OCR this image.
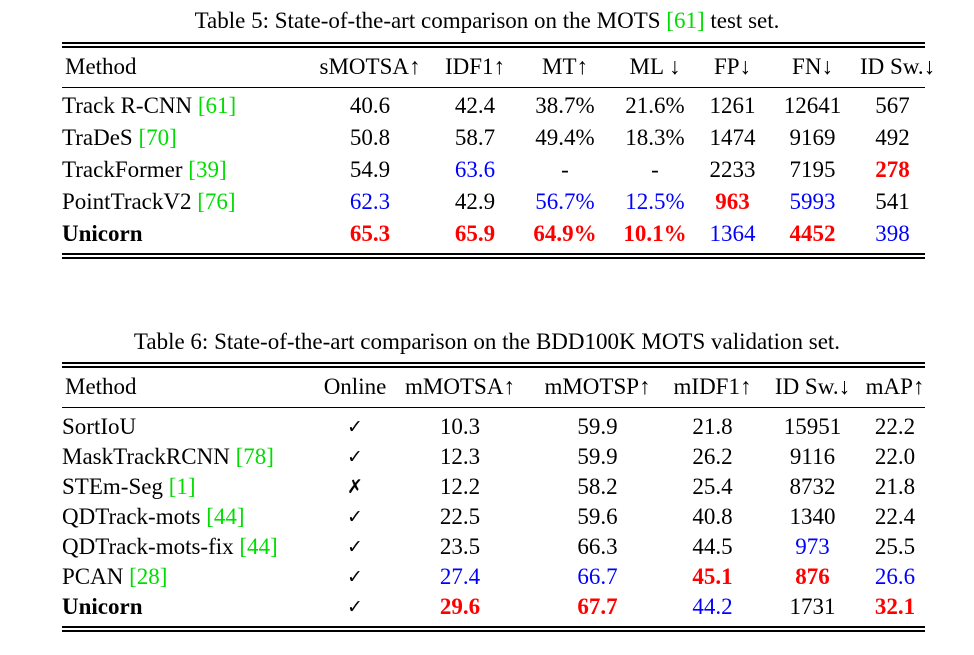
Table 5: State-of-the-art comparison on the MOTS [61] test set.
Method	sMOTSA↑	IDF1↑	MT↑	ML ↓	FP↓	FN↓	ID Sw.↓
Track R-CNN [61]	40.6	42.4	38.7%	21.6%	1261	12641	567
TraDeS [70]	50.8	58.7	49.4%	18.3%	1474	9169	492
TrackFormer [39]	54.9	63.6	-	-	2233	7195	278
PointTrackV2 [76]	62.3	42.9	56.7%	12.5%	963	5993	541
Unicorn	65.3	65.9	64.9%	10.1%	1364	4452	398
Table 6: State-of-the-art comparison on the BDD100K MOTS validation set.
Method	Online	mMOTSA↑	mMOTSP↑	mIDF1↑	ID Sw.↓	mAP↑
SortIoU	✓	10.3	59.9	21.8	15951	22.2
MaskTrackRCNN [78]	✓	12.3	59.9	26.2	9116	22.0
STEm-Seg [1]	✗	12.2	58.2	25.4	8732	21.8
QDTrack-mots [44]	✓	22.5	59.6	40.8	1340	22.4
QDTrack-mots-fix [44]	✓	23.5	66.3	44.5	973	25.5
PCAN [28]	✓	27.4	66.7	45.1	876	26.6
Unicorn	✓	29.6	67.7	44.2	1731	32.1
